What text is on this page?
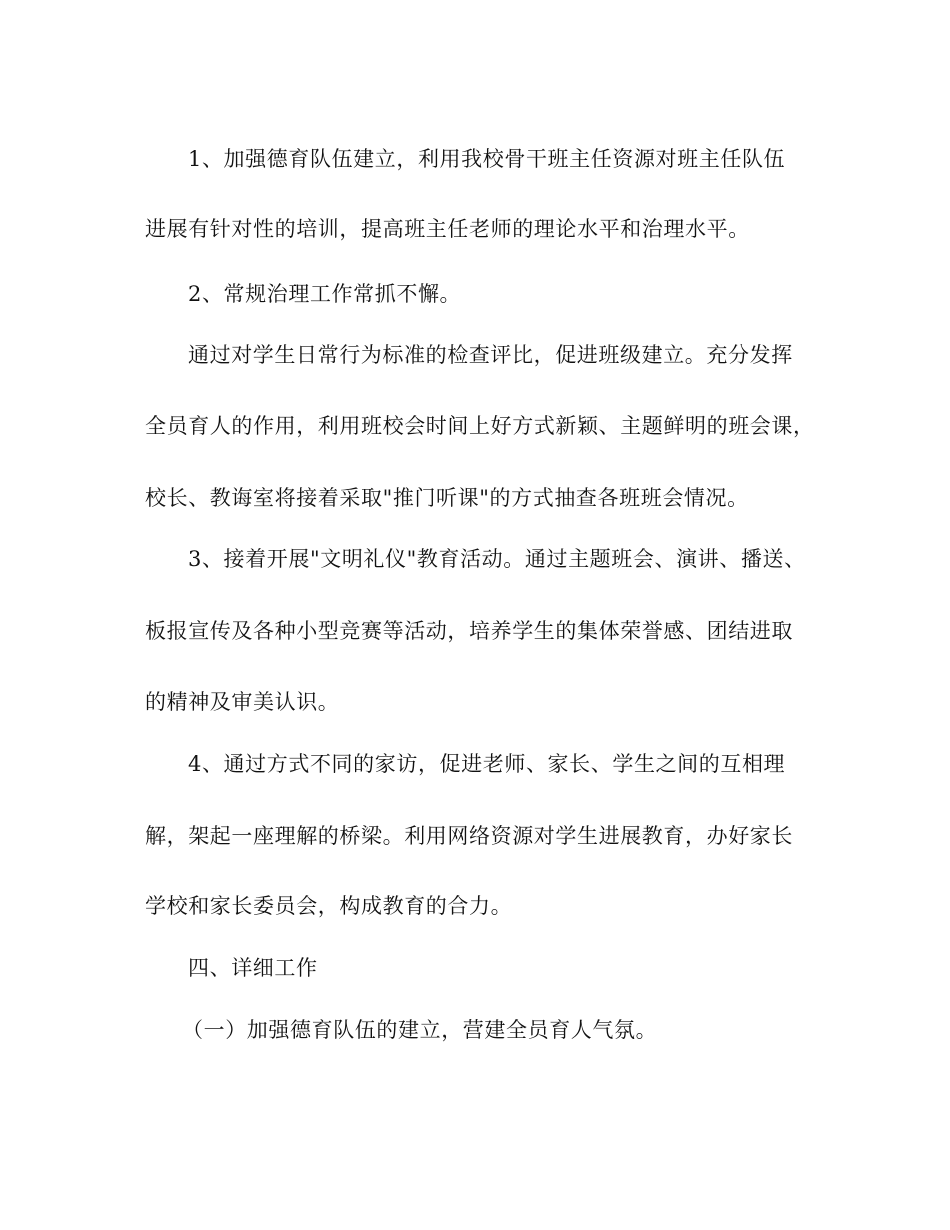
1、加强德育队伍建立，利用我校骨干班主任资源对班主任队伍
进展有针对性的培训，提高班主任老师的理论水平和治理水平。
2、常规治理工作常抓不懈。
通过对学生日常行为标准的检查评比，促进班级建立。充分发挥
全员育人的作用，利用班校会时间上好方式新颖、主题鲜明的班会课，
校长、教诲室将接着采取"推门听课"的方式抽查各班班会情况。
3、接着开展"文明礼仪"教育活动。通过主题班会、演讲、播送、
板报宣传及各种小型竞赛等活动，培养学生的集体荣誉感、团结进取
的精神及审美认识。
4、通过方式不同的家访，促进老师、家长、学生之间的互相理
解，架起一座理解的桥梁。利用网络资源对学生进展教育，办好家长
学校和家长委员会，构成教育的合力。
四、详细工作
（一）加强德育队伍的建立，营建全员育人气氛。
